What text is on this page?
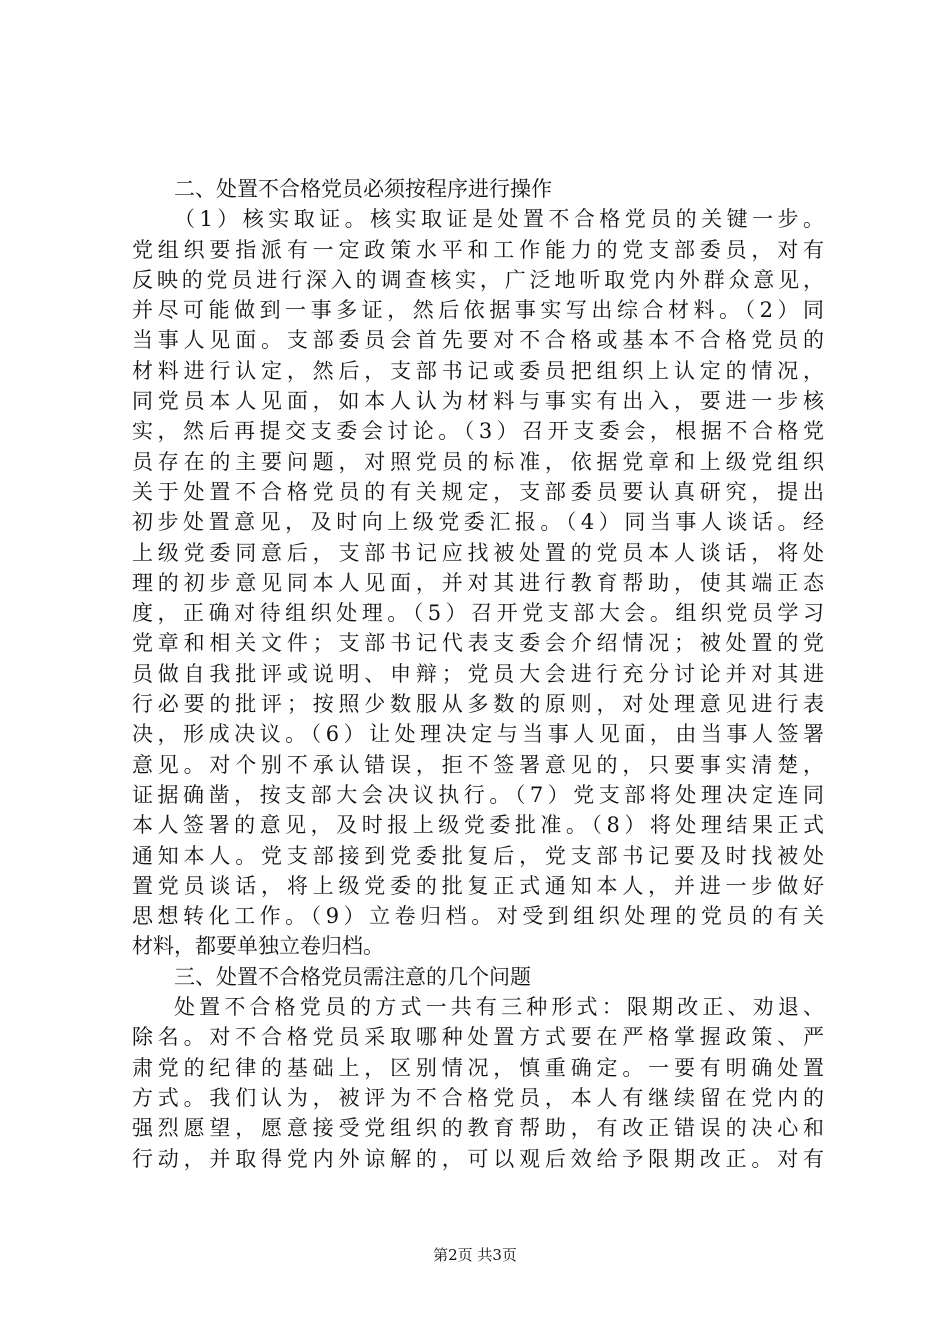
二、处置不合格党员必须按程序进行操作
（1）核实取证。核实取证是处置不合格党员的关键一步。
党组织要指派有一定政策水平和工作能力的党支部委员，对有
反映的党员进行深入的调查核实，广泛地听取党内外群众意见，
并尽可能做到一事多证，然后依据事实写出综合材料。（2）同
当事人见面。支部委员会首先要对不合格或基本不合格党员的
材料进行认定，然后，支部书记或委员把组织上认定的情况，
同党员本人见面，如本人认为材料与事实有出入，要进一步核
实，然后再提交支委会讨论。（3）召开支委会，根据不合格党
员存在的主要问题，对照党员的标准，依据党章和上级党组织
关于处置不合格党员的有关规定，支部委员要认真研究，提出
初步处置意见，及时向上级党委汇报。（4）同当事人谈话。经
上级党委同意后，支部书记应找被处置的党员本人谈话，将处
理的初步意见同本人见面，并对其进行教育帮助，使其端正态
度，正确对待组织处理。（5）召开党支部大会。组织党员学习
党章和相关文件；支部书记代表支委会介绍情况；被处置的党
员做自我批评或说明、申辩；党员大会进行充分讨论并对其进
行必要的批评；按照少数服从多数的原则，对处理意见进行表
决，形成决议。（6）让处理决定与当事人见面，由当事人签署
意见。对个别不承认错误，拒不签署意见的，只要事实清楚，
证据确凿，按支部大会决议执行。（7）党支部将处理决定连同
本人签署的意见，及时报上级党委批准。（8）将处理结果正式
通知本人。党支部接到党委批复后，党支部书记要及时找被处
置党员谈话，将上级党委的批复正式通知本人，并进一步做好
思想转化工作。（9）立卷归档。对受到组织处理的党员的有关
材料，都要单独立卷归档。
三、处置不合格党员需注意的几个问题
处置不合格党员的方式一共有三种形式：限期改正、劝退、
除名。对不合格党员采取哪种处置方式要在严格掌握政策、严
肃党的纪律的基础上，区别情况，慎重确定。一要有明确处置
方式。我们认为，被评为不合格党员，本人有继续留在党内的
强烈愿望，愿意接受党组织的教育帮助，有改正错误的决心和
行动，并取得党内外谅解的，可以观后效给予限期改正。对有
第2页 共3页
